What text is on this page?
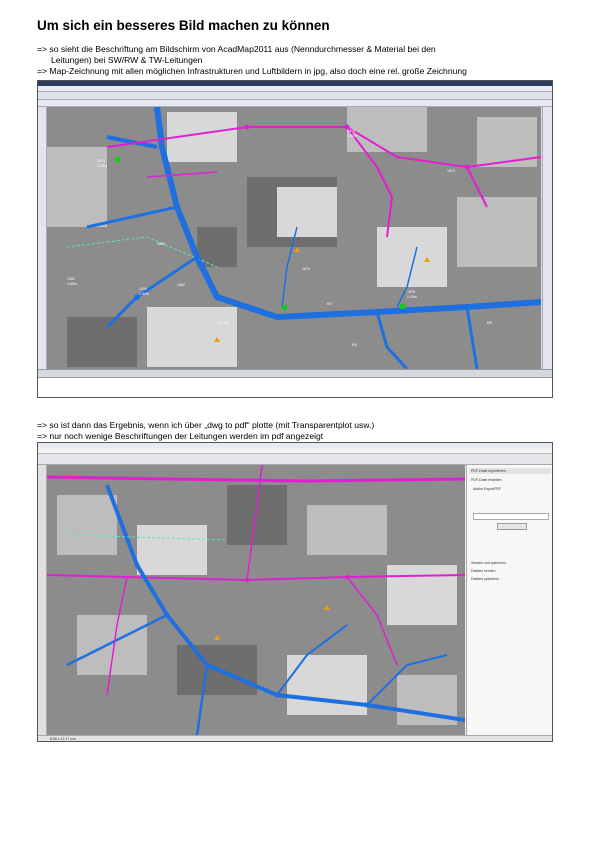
Um sich ein besseres Bild machen zu können
=> so sieht die Beschriftung am Bildschirm von AcadMap2011 aus (Nenndurchmesser & Material bei den
Leitungen) bei SW/RW & TW-Leitungen
=> Map-Zeichnung mit allen möglichen Infrastrukturen und Luftbildern in jpg, also doch eine rel. große Zeichnung
1573
2.00m
1573
1082
1573
2.00m
1674
1082
1000
1.52m
1081
1.69m
1575
1.59m
KS
RS
RE
DN 150
=> so ist dann das Ergebnis, wenn ich über „dwg to pdf“ plotte (mit Transparentplot usw.)
=> nur noch wenige Beschriftungen der Leitungen werden im pdf angezeigt
PDF-Datei exportieren
PDF-Datei erstellen
Adobe ExportPDF
Senden und speichern
Dateien senden
Dateien speichern
8,86 x 12,17 mm
